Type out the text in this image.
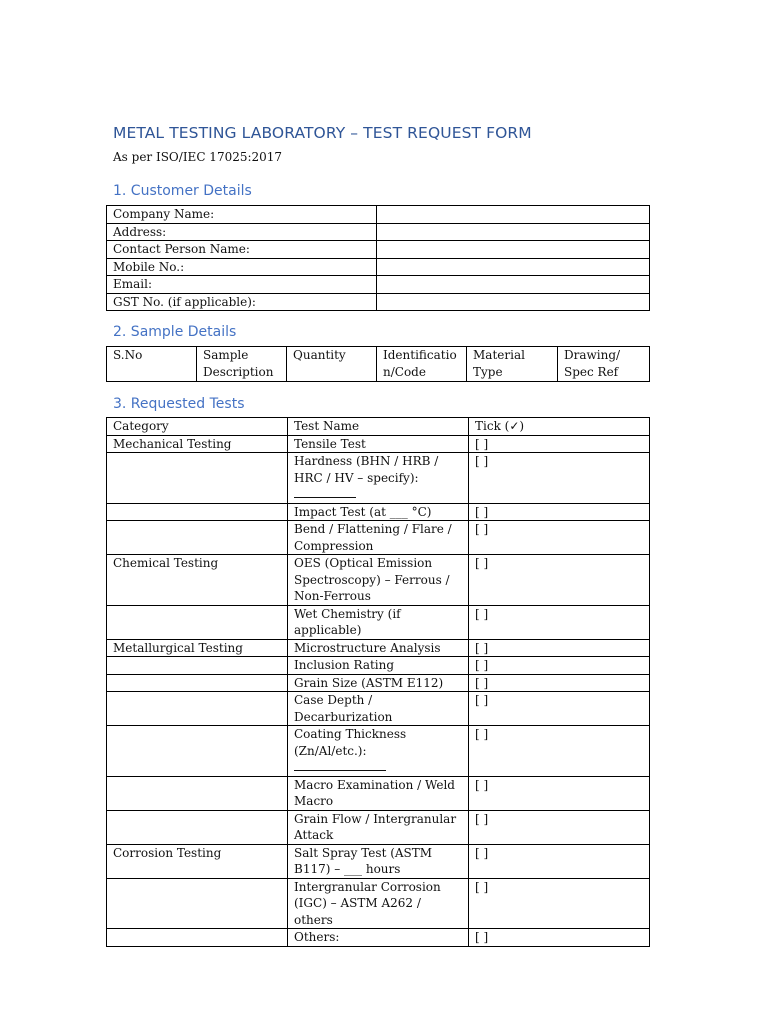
METAL TESTING LABORATORY – TEST REQUEST FORM
As per ISO/IEC 17025:2017
1. Customer Details
Company Name:	
Address:	
Contact Person Name:	
Mobile No.:	
Email:	
GST No. (if applicable):	
2. Sample Details
S.No	Sample Description	Quantity	Identification/Code	Material Type	Drawing/ Spec Ref
3. Requested Tests
Category	Test Name	Tick (✓)
Mechanical Testing	Tensile Test	[ ]
	Hardness (BHN / HRB / HRC / HV – specify):	[ ]
	Impact Test (at ___ °C)	[ ]
	Bend / Flattening / Flare / Compression	[ ]
Chemical Testing	OES (Optical Emission Spectroscopy) – Ferrous / Non-Ferrous	[ ]
	Wet Chemistry (if applicable)	[ ]
Metallurgical Testing	Microstructure Analysis	[ ]
	Inclusion Rating	[ ]
	Grain Size (ASTM E112)	[ ]
	Case Depth / Decarburization	[ ]
	Coating Thickness (Zn/Al/etc.):	[ ]
	Macro Examination / Weld Macro	[ ]
	Grain Flow / Intergranular Attack	[ ]
Corrosion Testing	Salt Spray Test (ASTM B117) – ___ hours	[ ]
	Intergranular Corrosion (IGC) – ASTM A262 / others	[ ]
	Others:	[ ]
